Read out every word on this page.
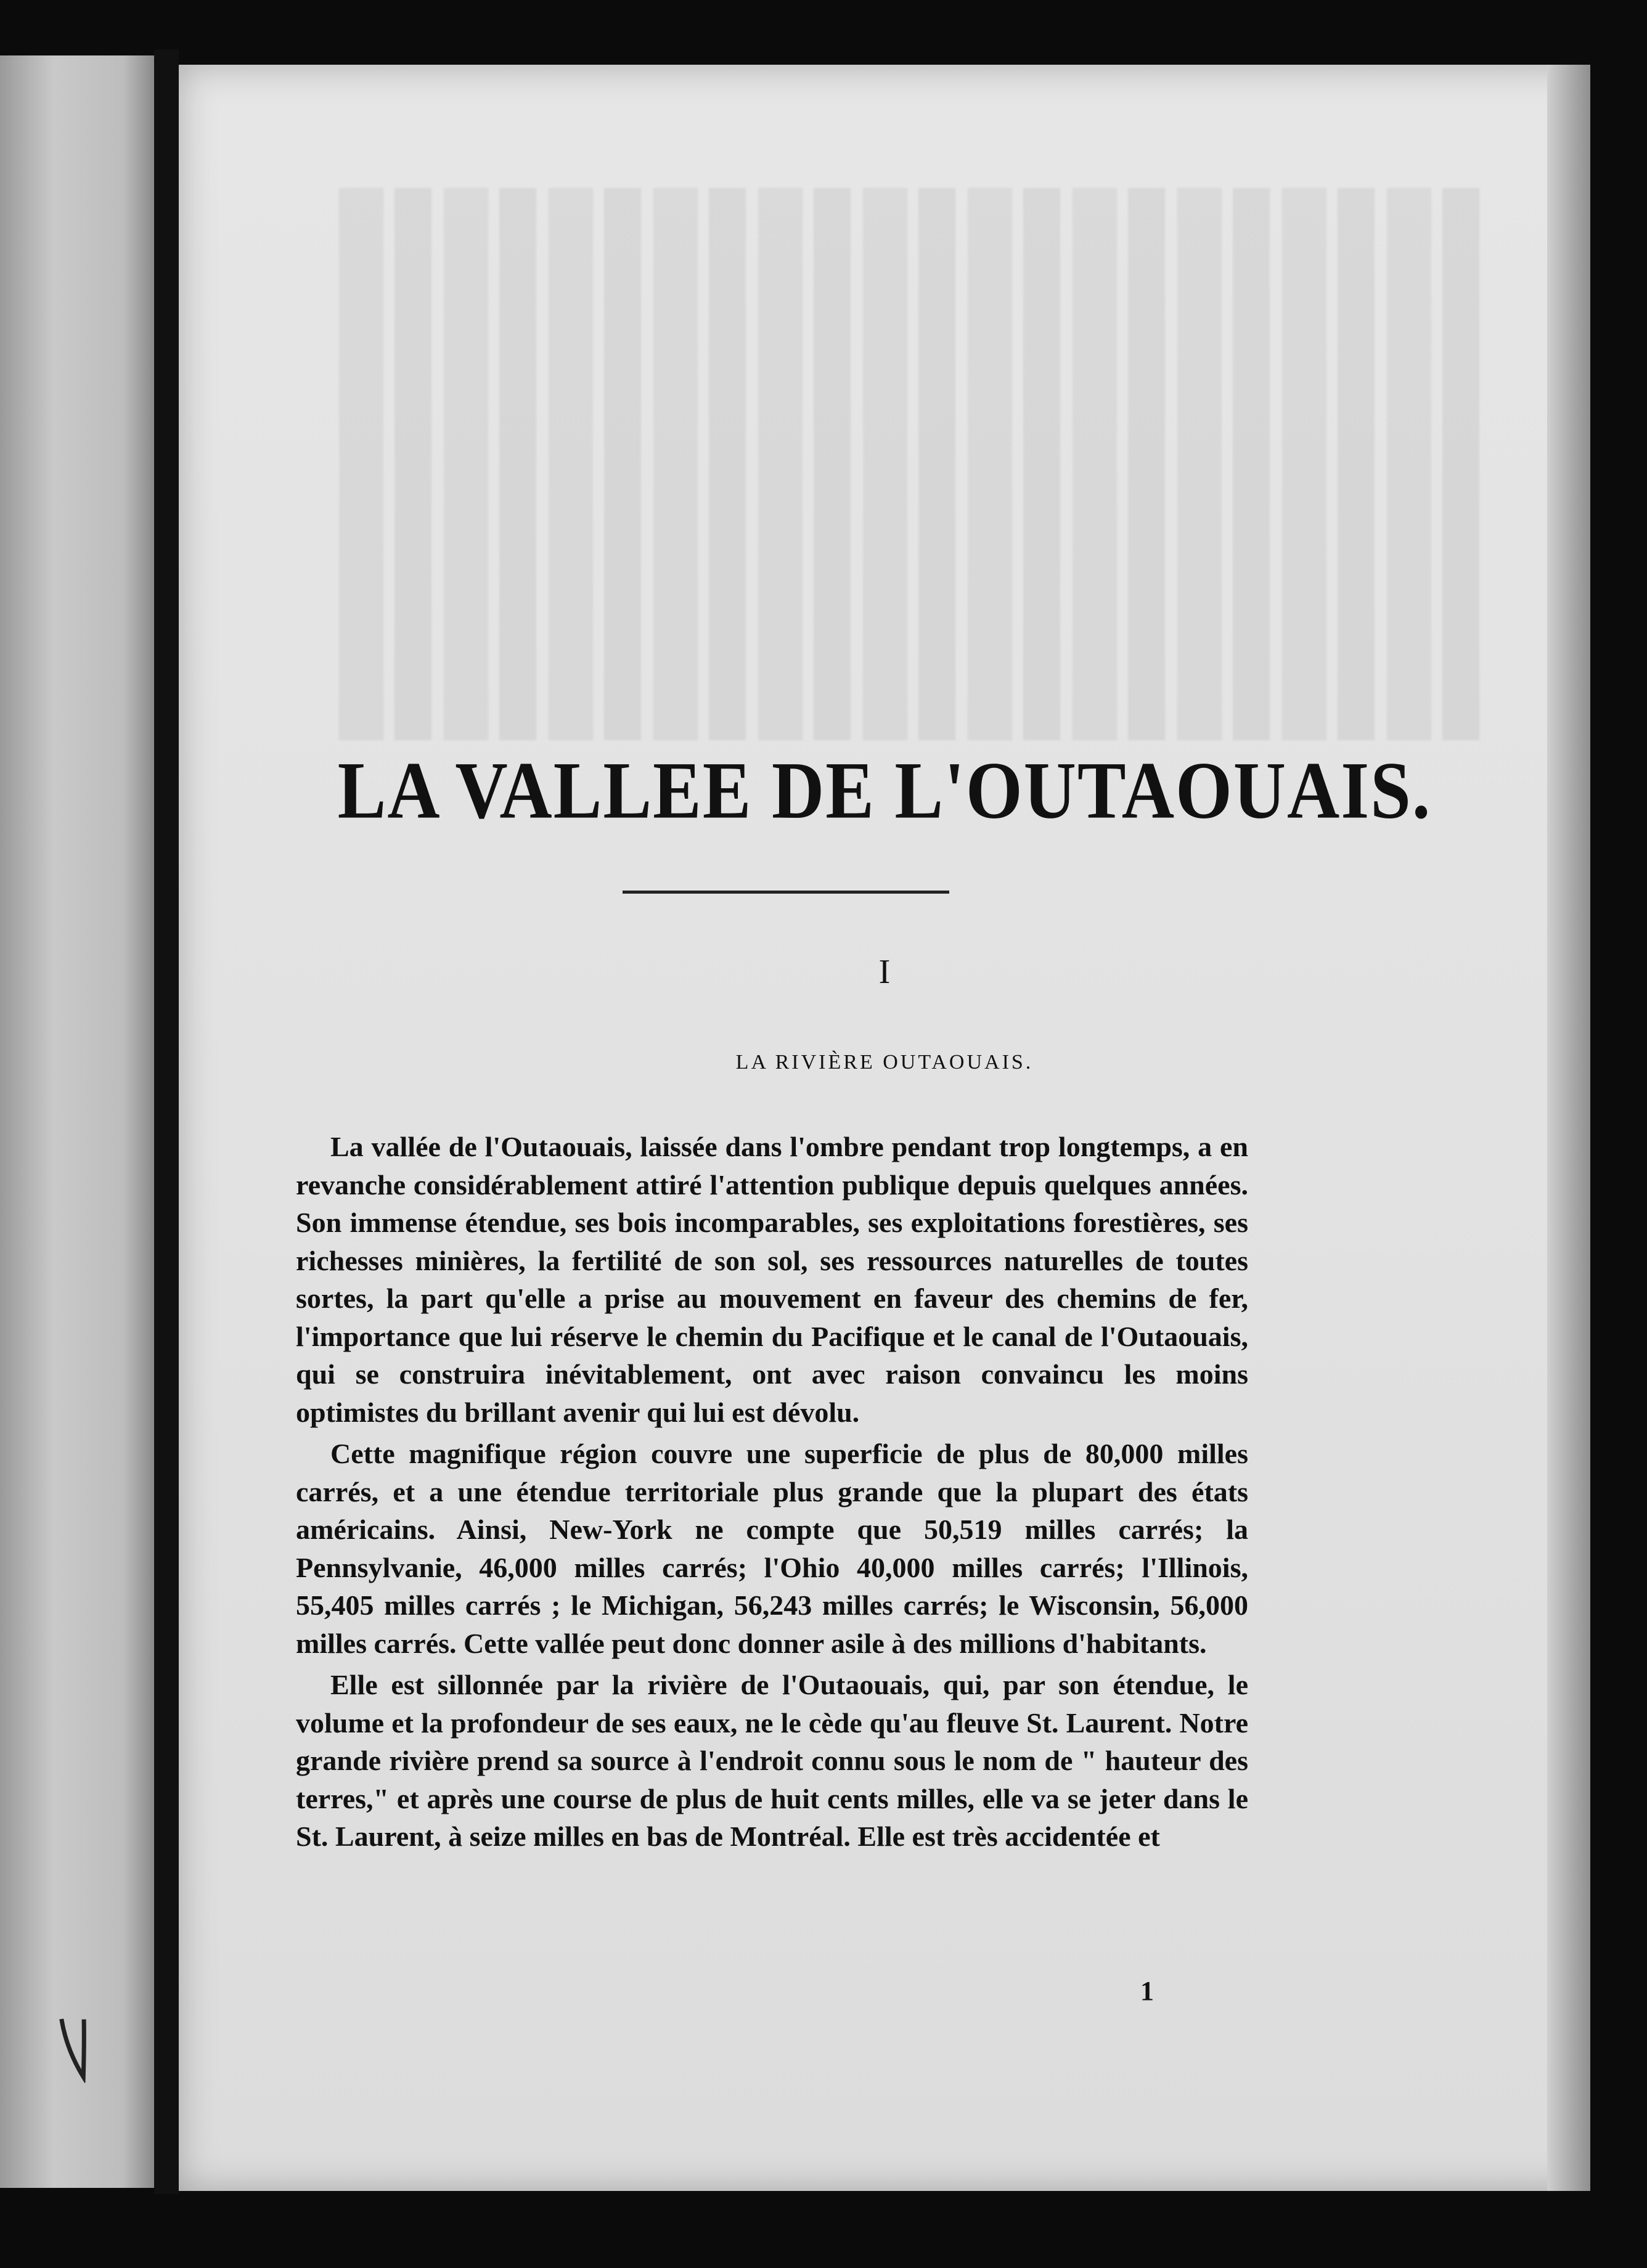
LA VALLEE DE L'OUTAOUAIS.
I
LA RIVIÈRE OUTAOUAIS.

La vallée de l'Outaouais, laissée dans l'ombre pendant trop longtemps, a en revanche considérablement attiré l'attention publique depuis quelques années. Son immense étendue, ses bois incomparables, ses exploitations forestières, ses richesses minières, la fertilité de son sol, ses ressources naturelles de toutes sortes, la part qu'elle a prise au mouvement en faveur des chemins de fer, l'importance que lui réserve le chemin du Pacifique et le canal de l'Outaouais, qui se construira inévitablement, ont avec raison convaincu les moins optimistes du brillant avenir qui lui est dévolu.

Cette magnifique région couvre une superficie de plus de 80,000 milles carrés, et a une étendue territoriale plus grande que la plupart des états américains. Ainsi, New-York ne compte que 50,519 milles carrés; la Pennsylvanie, 46,000 milles carrés; l'Ohio 40,000 milles carrés; l'Illinois, 55,405 milles carrés ; le Michigan, 56,243 milles carrés; le Wisconsin, 56,000 milles carrés. Cette vallée peut donc donner asile à des millions d'habitants.

Elle est sillonnée par la rivière de l'Outaouais, qui, par son étendue, le volume et la profondeur de ses eaux, ne le cède qu'au fleuve St. Laurent. Notre grande rivière prend sa source à l'endroit connu sous le nom de " hauteur des terres," et après une course de plus de huit cents milles, elle va se jeter dans le St. Laurent, à seize milles en bas de Montréal. Elle est très accidentée et

1
